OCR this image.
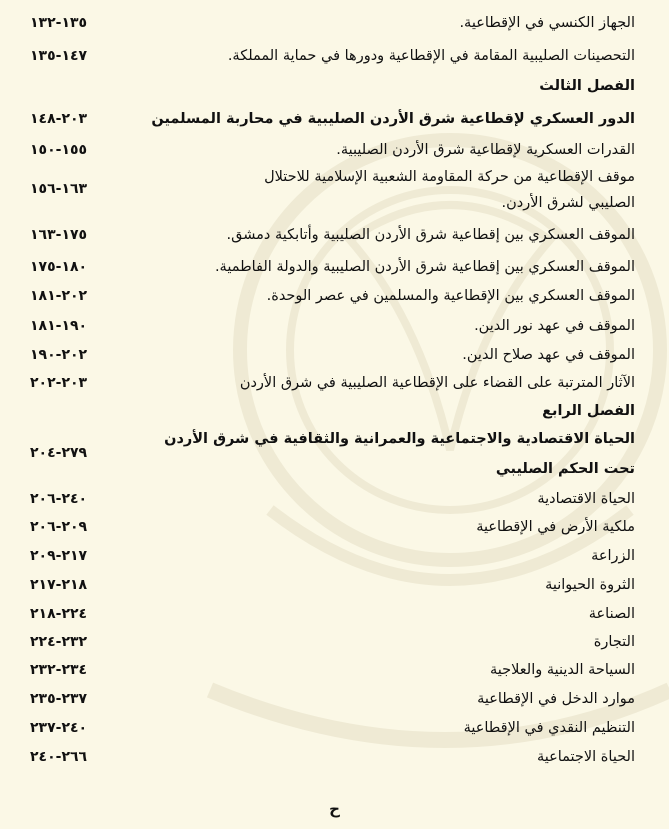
الجهاز الكنسي في الإقطاعية.
١٣٥-١٣٢
التحصينات الصليبية المقامة في الإقطاعية ودورها في حماية المملكة.
١٤٧-١٣٥
الفصل الثالث
الدور العسكري لإقطاعية شرق الأردن الصليبية في محاربة المسلمين
٢٠٣-١٤٨
القدرات العسكرية لإقطاعية شرق الأردن الصليبية.
١٥٥-١٥٠
موقف الإقطاعية من حركة المقاومة الشعبية الإسلامية للاحتلال
الصليبي لشرق الأردن.
١٦٣-١٥٦
الموقف العسكري بين إقطاعية شرق الأردن الصليبية وأتابكية دمشق.
١٧٥-١٦٣
الموقف العسكري بين إقطاعية شرق الأردن الصليبية والدولة الفاطمية.
١٨٠-١٧٥
الموقف العسكري بين الإقطاعية والمسلمين في عصر الوحدة.
٢٠٢-١٨١
الموقف في عهد نور الدين.
١٩٠-١٨١
الموقف في عهد صلاح الدين.
٢٠٢-١٩٠
الآثار المترتبة على القضاء على الإقطاعية الصليبية في شرق الأردن
٢٠٣-٢٠٢
الفصل الرابع
الحياة الاقتصادية والاجتماعية والعمرانية والثقافية في شرق الأردن
تحت الحكم الصليبي
٢٧٩-٢٠٤
الحياة الاقتصادية
٢٤٠-٢٠٦
ملكية الأرض في الإقطاعية
٢٠٩-٢٠٦
الزراعة
٢١٧-٢٠٩
الثروة الحيوانية
٢١٨-٢١٧
الصناعة
٢٢٤-٢١٨
التجارة
٢٣٢-٢٢٤
السياحة الدينية والعلاجية
٢٣٤-٢٣٢
موارد الدخل في الإقطاعية
٢٣٧-٢٣٥
التنظيم النقدي في الإقطاعية
٢٤٠-٢٣٧
الحياة الاجتماعية
٢٦٦-٢٤٠
ح
